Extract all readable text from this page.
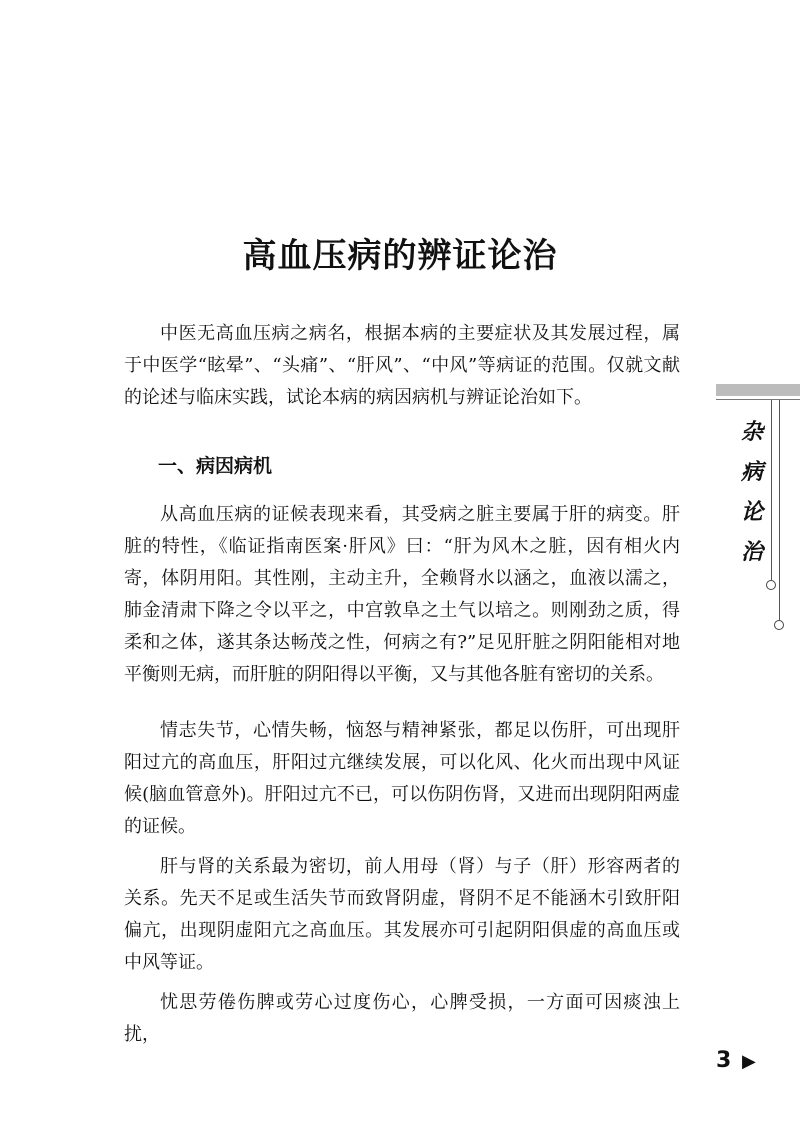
高血压病的辨证论治

中医无高血压病之病名，根据本病的主要症状及其发展过程，属于中医学“眩晕”、“头痛”、“肝风”、“中风”等病证的范围。仅就文献的论述与临床实践，试论本病的病因病机与辨证论治如下。

一、病因病机

从高血压病的证候表现来看，其受病之脏主要属于肝的病变。肝脏的特性，《临证指南医案·肝风》曰：“肝为风木之脏，因有相火内寄，体阴用阳。其性刚，主动主升，全赖肾水以涵之，血液以濡之，肺金清肃下降之令以平之，中宫敦阜之土气以培之。则刚劲之质，得柔和之体，遂其条达畅茂之性，何病之有?”足见肝脏之阴阳能相对地平衡则无病，而肝脏的阴阳得以平衡，又与其他各脏有密切的关系。

情志失节，心情失畅，恼怒与精神紧张，都足以伤肝，可出现肝阳过亢的高血压，肝阳过亢继续发展，可以化风、化火而出现中风证候(脑血管意外)。肝阳过亢不已，可以伤阴伤肾，又进而出现阴阳两虚的证候。

肝与肾的关系最为密切，前人用母（肾）与子（肝）形容两者的关系。先天不足或生活失节而致肾阴虚，肾阴不足不能涵木引致肝阳偏亢，出现阴虚阳亢之高血压。其发展亦可引起阴阳俱虚的高血压或中风等证。

忧思劳倦伤脾或劳心过度伤心，心脾受损，一方面可因痰浊上扰，

杂
病
论
治
3 ▶
